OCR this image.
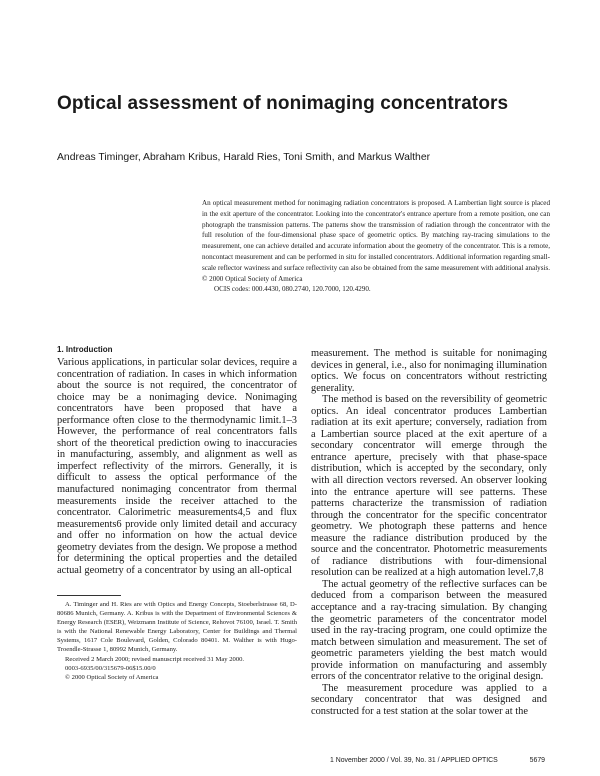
Optical assessment of nonimaging concentrators

Andreas Timinger, Abraham Kribus, Harald Ries, Toni Smith, and Markus Walther

An optical measurement method for nonimaging radiation concentrators is proposed. A Lambertian light source is placed in the exit aperture of the concentrator. Looking into the concentrator's entrance aperture from a remote position, one can photograph the transmission patterns. The patterns show the transmission of radiation through the concentrator with the full resolution of the four-dimensional phase space of geometric optics. By matching ray-tracing simulations to the measurement, one can achieve detailed and accurate information about the geometry of the concentrator. This is a remote, noncontact measurement and can be performed in situ for installed concentrators. Additional information regarding small-scale reflector waviness and surface reflectivity can also be obtained from the same measurement with additional analysis. © 2000 Optical Society of America
OCIS codes: 000.4430, 080.2740, 120.7000, 120.4290.
1. Introduction

Various applications, in particular solar devices, require a concentration of radiation. In cases in which information about the source is not required, the concentrator of choice may be a nonimaging device. Nonimaging concentrators have been proposed that have a performance often close to the thermodynamic limit.1–3 However, the performance of real concentrators falls short of the theoretical prediction owing to inaccuracies in manufacturing, assembly, and alignment as well as imperfect reflectivity of the mirrors. Generally, it is difficult to assess the optical performance of the manufactured nonimaging concentrator from thermal measurements inside the receiver attached to the concentrator. Calorimetric measurements4,5 and flux measurements6 provide only limited detail and accuracy and offer no information on how the actual device geometry deviates from the design. We propose a method for determining the optical properties and the detailed actual geometry of a concentrator by using an all-optical

A. Timinger and H. Ries are with Optics and Energy Concepts, Stoeberlstrasse 68, D-80686 Munich, Germany. A. Kribus is with the Department of Environmental Sciences & Energy Research (ESER), Weizmann Institute of Science, Rehovot 76100, Israel. T. Smith is with the National Renewable Energy Laboratory, Center for Buildings and Thermal Systems, 1617 Cole Boulevard, Golden, Colorado 80401. M. Walther is with Hugo-Troendle-Strasse 1, 80992 Munich, Germany.

Received 2 March 2000; revised manuscript received 31 May 2000.

0003-6935/00/315679-06$15.00/0

© 2000 Optical Society of America

measurement. The method is suitable for nonimaging devices in general, i.e., also for nonimaging illumination optics. We focus on concentrators without restricting generality.

The method is based on the reversibility of geometric optics. An ideal concentrator produces Lambertian radiation at its exit aperture; conversely, radiation from a Lambertian source placed at the exit aperture of a secondary concentrator will emerge through the entrance aperture, precisely with that phase-space distribution, which is accepted by the secondary, only with all direction vectors reversed. An observer looking into the entrance aperture will see patterns. These patterns characterize the transmission of radiation through the concentrator for the specific concentrator geometry. We photograph these patterns and hence measure the radiance distribution produced by the source and the concentrator. Photometric measurements of radiance distributions with four-dimensional resolution can be realized at a high automation level.7,8

The actual geometry of the reflective surfaces can be deduced from a comparison between the measured acceptance and a ray-tracing simulation. By changing the geometric parameters of the concentrator model used in the ray-tracing program, one could optimize the match between simulation and measurement. The set of geometric parameters yielding the best match would provide information on manufacturing and assembly errors of the concentrator relative to the original design.

The measurement procedure was applied to a secondary concentrator that was designed and constructed for a test station at the solar tower at the

1 November 2000 / Vol. 39, No. 31 / APPLIED OPTICS	5679
